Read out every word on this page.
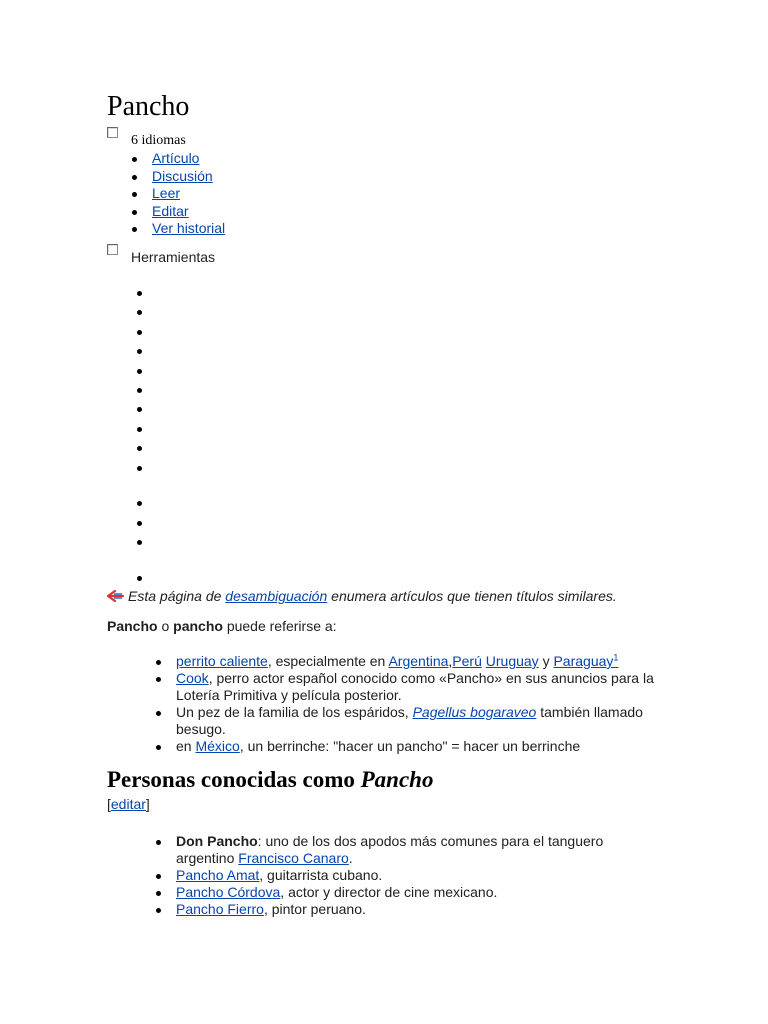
Pancho
6 idiomas
Artículo
Discusión
Leer
Editar
Ver historial
Herramientas
Esta página de desambiguación enumera artículos que tienen títulos similares.
Pancho o pancho puede referirse a:
perrito caliente, especialmente en Argentina,Perú Uruguay y Paraguay$^1$
Cook, perro actor español conocido como «Pancho» en sus anuncios para la Lotería Primitiva y película posterior.
Un pez de la familia de los espáridos, Pagellus bogaraveo también llamado besugo.
en México, un berrinche: "hacer un pancho" = hacer un berrinche
Personas conocidas como Pancho
[editar]
Don Pancho: uno de los dos apodos más comunes para el tanguero argentino Francisco Canaro.
Pancho Amat, guitarrista cubano.
Pancho Córdova, actor y director de cine mexicano.
Pancho Fierro, pintor peruano.
